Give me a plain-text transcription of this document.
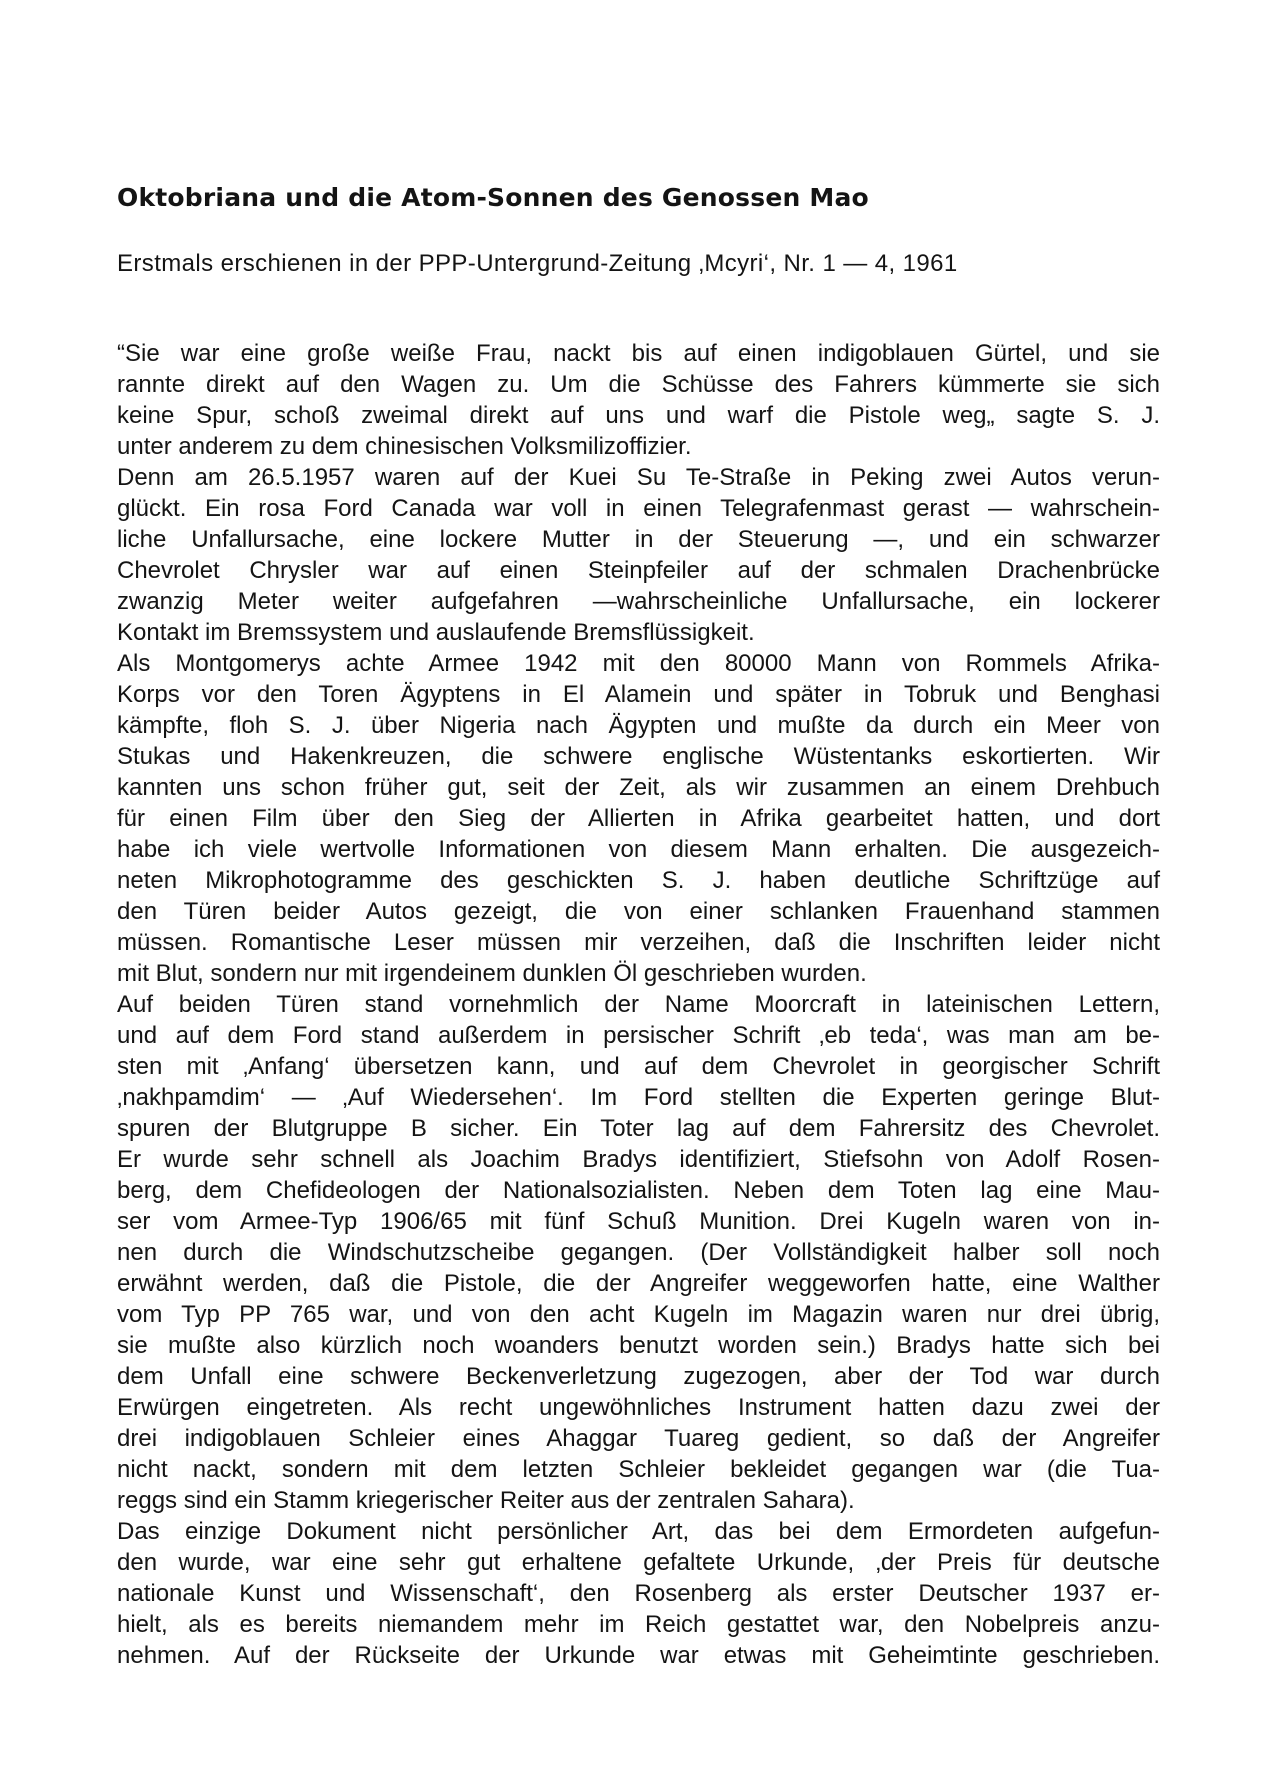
Oktobriana und die Atom-Sonnen des Genossen Mao

Erstmals erschienen in der PPP-Untergrund-Zeitung ‚Mcyri‘, Nr. 1 — 4, 1961

“Sie war eine große weiße Frau, nackt bis auf einen indigoblauen Gürtel, und sie
rannte direkt auf den Wagen zu. Um die Schüsse des Fahrers kümmerte sie sich
keine Spur, schoß zweimal direkt auf uns und warf die Pistole weg„ sagte S. J.
unter anderem zu dem chinesischen Volksmilizoffizier.
Denn am 26.5.1957 waren auf der Kuei Su Te-Straße in Peking zwei Autos verun-
glückt. Ein rosa Ford Canada war voll in einen Telegrafenmast gerast — wahrschein-
liche Unfallursache, eine lockere Mutter in der Steuerung —, und ein schwarzer
Chevrolet Chrysler war auf einen Steinpfeiler auf der schmalen Drachenbrücke
zwanzig Meter weiter aufgefahren —wahrscheinliche Unfallursache, ein lockerer
Kontakt im Bremssystem und auslaufende Bremsflüssigkeit.
Als Montgomerys achte Armee 1942 mit den 80000 Mann von Rommels Afrika-
Korps vor den Toren Ägyptens in El Alamein und später in Tobruk und Benghasi
kämpfte, floh S. J. über Nigeria nach Ägypten und mußte da durch ein Meer von
Stukas und Hakenkreuzen, die schwere englische Wüstentanks eskortierten. Wir
kannten uns schon früher gut, seit der Zeit, als wir zusammen an einem Drehbuch
für einen Film über den Sieg der Allierten in Afrika gearbeitet hatten, und dort
habe ich viele wertvolle Informationen von diesem Mann erhalten. Die ausgezeich-
neten Mikrophotogramme des geschickten S. J. haben deutliche Schriftzüge auf
den Türen beider Autos gezeigt, die von einer schlanken Frauenhand stammen
müssen. Romantische Leser müssen mir verzeihen, daß die Inschriften leider nicht
mit Blut, sondern nur mit irgendeinem dunklen Öl geschrieben wurden.
Auf beiden Türen stand vornehmlich der Name Moorcraft in lateinischen Lettern,
und auf dem Ford stand außerdem in persischer Schrift ‚eb teda‘, was man am be-
sten mit ‚Anfang‘ übersetzen kann, und auf dem Chevrolet in georgischer Schrift
‚nakhpamdim‘ — ‚Auf Wiedersehen‘. Im Ford stellten die Experten geringe Blut-
spuren der Blutgruppe B sicher. Ein Toter lag auf dem Fahrersitz des Chevrolet.
Er wurde sehr schnell als Joachim Bradys identifiziert, Stiefsohn von Adolf Rosen-
berg, dem Chefideologen der Nationalsozialisten. Neben dem Toten lag eine Mau-
ser vom Armee-Typ 1906/65 mit fünf Schuß Munition. Drei Kugeln waren von in-
nen durch die Windschutzscheibe gegangen. (Der Vollständigkeit halber soll noch
erwähnt werden, daß die Pistole, die der Angreifer weggeworfen hatte, eine Walther
vom Typ PP 765 war, und von den acht Kugeln im Magazin waren nur drei übrig,
sie mußte also kürzlich noch woanders benutzt worden sein.) Bradys hatte sich bei
dem Unfall eine schwere Beckenverletzung zugezogen, aber der Tod war durch
Erwürgen eingetreten. Als recht ungewöhnliches Instrument hatten dazu zwei der
drei indigoblauen Schleier eines Ahaggar Tuareg gedient, so daß der Angreifer
nicht nackt, sondern mit dem letzten Schleier bekleidet gegangen war (die Tua-
reggs sind ein Stamm kriegerischer Reiter aus der zentralen Sahara).
Das einzige Dokument nicht persönlicher Art, das bei dem Ermordeten aufgefun-
den wurde, war eine sehr gut erhaltene gefaltete Urkunde, ‚der Preis für deutsche
nationale Kunst und Wissenschaft‘, den Rosenberg als erster Deutscher 1937 er-
hielt, als es bereits niemandem mehr im Reich gestattet war, den Nobelpreis anzu-
nehmen. Auf der Rückseite der Urkunde war etwas mit Geheimtinte geschrieben.
